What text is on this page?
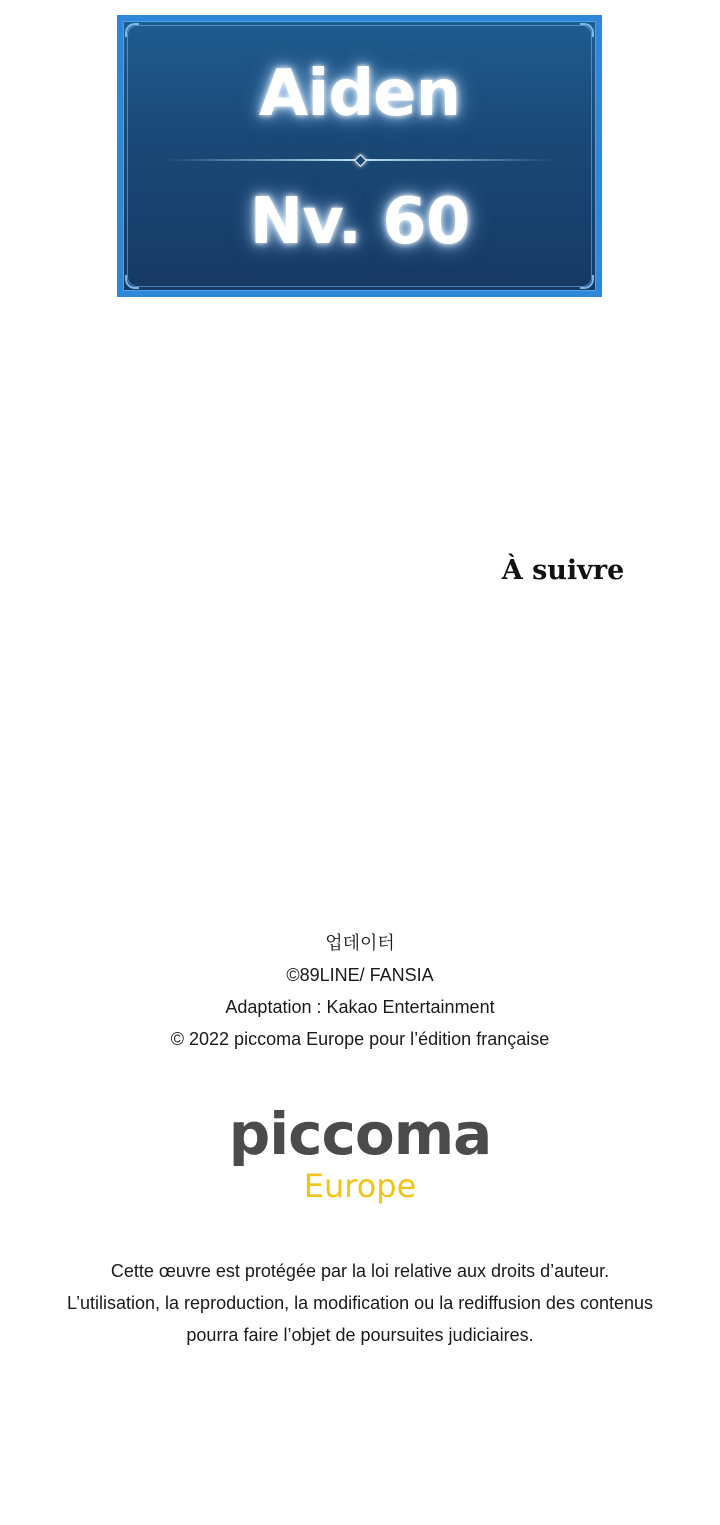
Aiden
Nv. 60
À suivre
업데이터
©89LINE/ FANSIA
Adaptation : Kakao Entertainment
© 2022 piccoma Europe pour l’édition française
piccoma
Europe
Cette œuvre est protégée par la loi relative aux droits d’auteur.
L’utilisation, la reproduction, la modification ou la rediffusion des contenus
pourra faire l’objet de poursuites judiciaires.
